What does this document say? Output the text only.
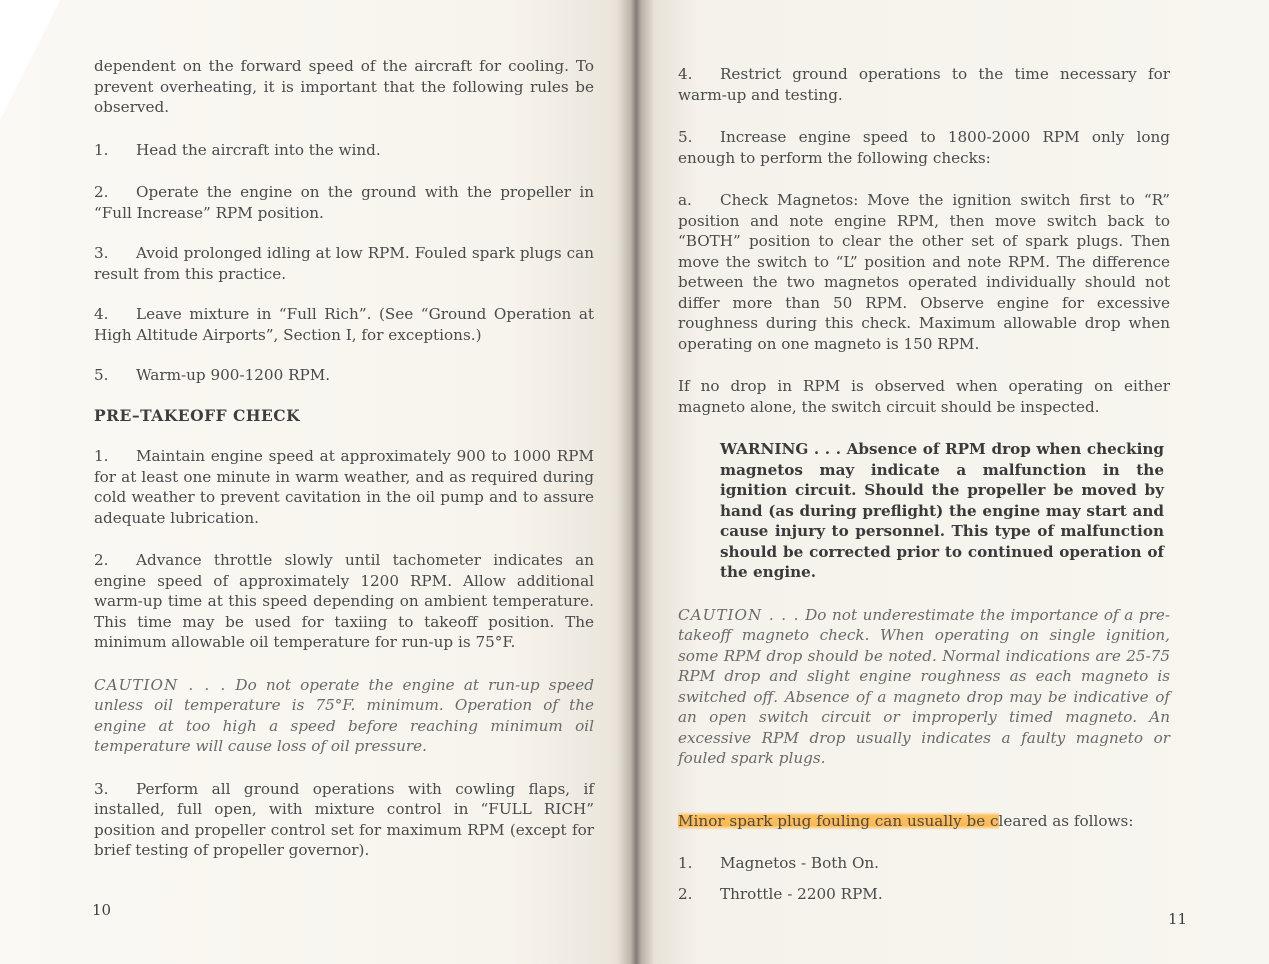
dependent on the forward speed of the aircraft for cooling. To prevent overheating, it is important that the following rules be observed.

1. Head the aircraft into the wind.

2. Operate the engine on the ground with the propeller in “Full Increase” RPM position.

3. Avoid prolonged idling at low RPM. Fouled spark plugs can result from this practice.

4. Leave mixture in “Full Rich”. (See “Ground Operation at High Altitude Airports”, Section I, for exceptions.)

5. Warm-up 900-1200 RPM.

PRE–TAKEOFF CHECK

1. Maintain engine speed at approximately 900 to 1000 RPM for at least one minute in warm weather, and as required during cold weather to prevent cavitation in the oil pump and to assure adequate lubrication.

2. Advance throttle slowly until tachometer indicates an engine speed of approximately 1200 RPM. Allow additional warm-up time at this speed depending on ambient temperature. This time may be used for taxiing to takeoff position. The minimum allowable oil temperature for run-up is 75°F.

CAUTION . . . Do not operate the engine at run-up speed unless oil temperature is 75°F. minimum. Operation of the engine at too high a speed before reaching minimum oil temperature will cause loss of oil pressure.

3. Perform all ground operations with cowling flaps, if installed, full open, with mixture control in “FULL RICH” position and propeller control set for maximum RPM (except for brief testing of propeller governor).

10

4. Restrict ground operations to the time necessary for warm-up and testing.

5. Increase engine speed to 1800-2000 RPM only long enough to perform the following checks:

a. Check Magnetos: Move the ignition switch first to “R” position and note engine RPM, then move switch back to “BOTH” position to clear the other set of spark plugs. Then move the switch to “L” position and note RPM. The difference between the two magnetos operated individually should not differ more than 50 RPM. Observe engine for excessive roughness during this check. Maximum allowable drop when operating on one magneto is 150 RPM.

If no drop in RPM is observed when operating on either magneto alone, the switch circuit should be inspected.

WARNING . . . Absence of RPM drop when checking magnetos may indicate a malfunction in the ignition circuit. Should the propeller be moved by hand (as during preflight) the engine may start and cause injury to personnel. This type of malfunction should be corrected prior to continued operation of the engine.

CAUTION . . . Do not underestimate the importance of a pre-takeoff magneto check. When operating on single ignition, some RPM drop should be noted. Normal indications are 25-75 RPM drop and slight engine roughness as each magneto is switched off. Absence of a magneto drop may be indicative of an open switch circuit or improperly timed magneto. An excessive RPM drop usually indicates a faulty magneto or fouled spark plugs.

Minor spark plug fouling can usually be cleared as follows:

1. Magnetos - Both On.

2. Throttle - 2200 RPM.

11
